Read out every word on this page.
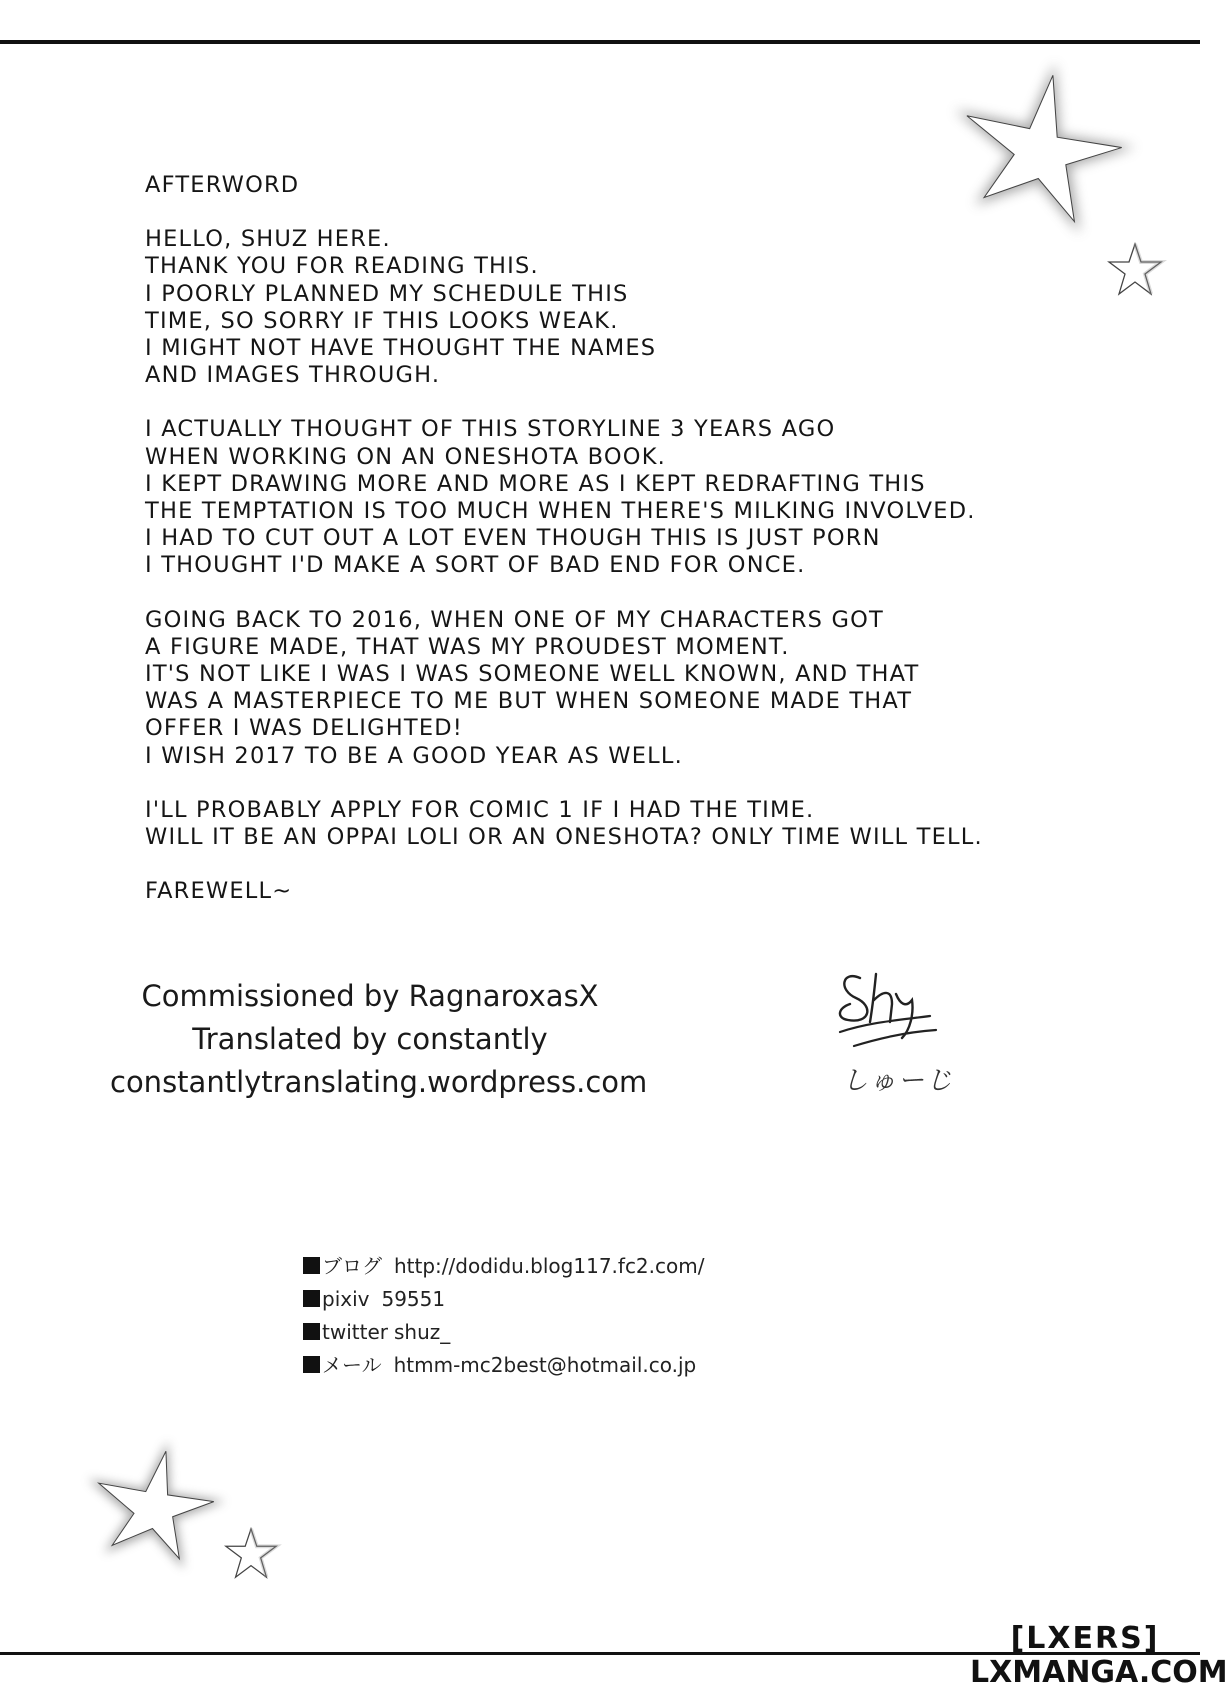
AFTERWORD
HELLO, SHUZ HERE.
THANK YOU FOR READING THIS.
I POORLY PLANNED MY SCHEDULE THIS
TIME, SO SORRY IF THIS LOOKS WEAK.
I MIGHT NOT HAVE THOUGHT THE NAMES
AND IMAGES THROUGH.
I ACTUALLY THOUGHT OF THIS STORYLINE 3 YEARS AGO
WHEN WORKING ON AN ONESHOTA BOOK.
I KEPT DRAWING MORE AND MORE AS I KEPT REDRAFTING THIS
THE TEMPTATION IS TOO MUCH WHEN THERE'S MILKING INVOLVED.
I HAD TO CUT OUT A LOT EVEN THOUGH THIS IS JUST PORN
I THOUGHT I'D MAKE A SORT OF BAD END FOR ONCE.
GOING BACK TO 2016, WHEN ONE OF MY CHARACTERS GOT
A FIGURE MADE, THAT WAS MY PROUDEST MOMENT.
IT'S NOT LIKE I WAS I WAS SOMEONE WELL KNOWN, AND THAT
WAS A MASTERPIECE TO ME BUT WHEN SOMEONE MADE THAT
OFFER I WAS DELIGHTED!
I WISH 2017 TO BE A GOOD YEAR AS WELL.
I'LL PROBABLY APPLY FOR COMIC 1 IF I HAD THE TIME.
WILL IT BE AN OPPAI LOLI OR AN ONESHOTA? ONLY TIME WILL TELL.
FAREWELL~
Commissioned by RagnaroxasX
Translated by constantly
constantlytranslating.wordpress.com	しゅーじ
ブログ http://dodidu.blog117.fc2.com/
pixiv 59551
twitter shuz_
メール htmm-mc2best@hotmail.co.jp
[LXERS]
LXMANGA.COM
